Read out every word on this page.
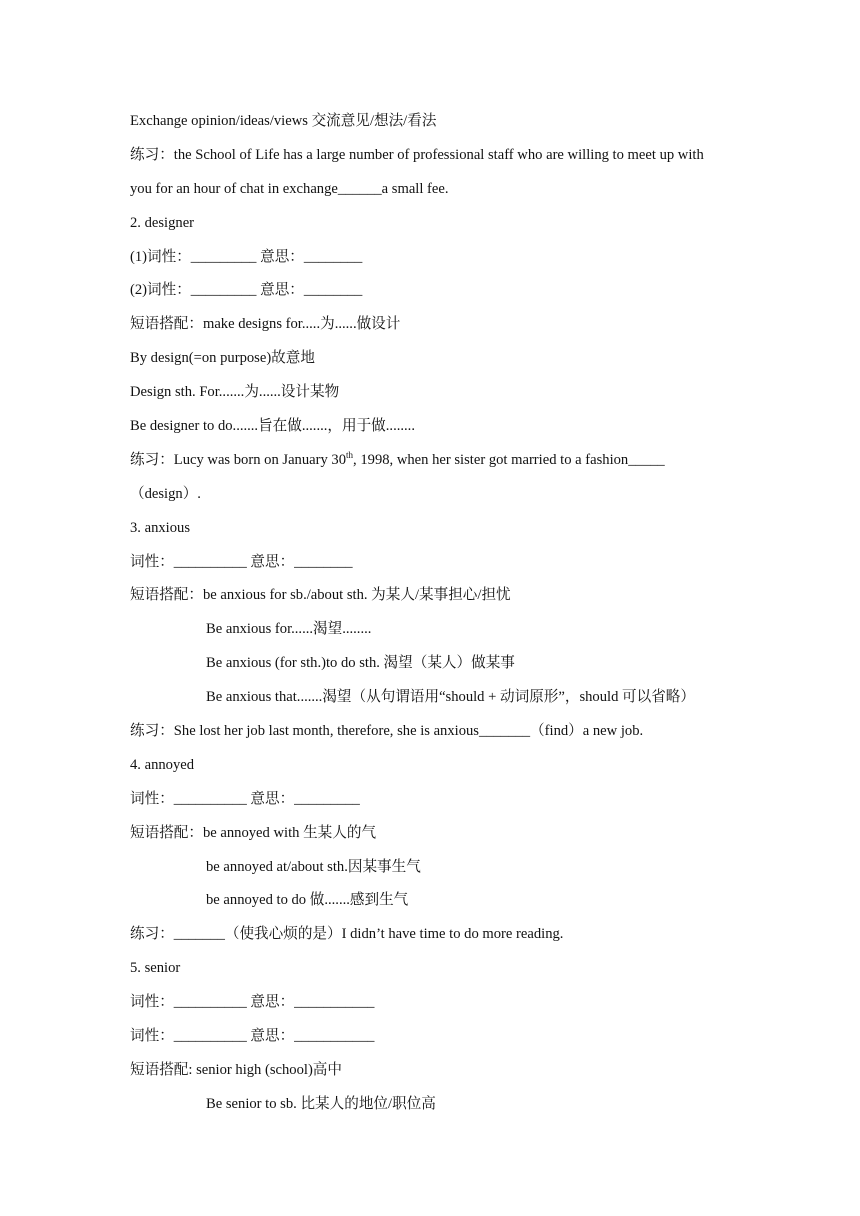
Exchange opinion/ideas/views 交流意见/想法/看法
练习：the School of Life has a large number of professional staff who are willing to meet up with
you for an hour of chat in exchange______a small fee.
2. designer
(1)词性：_________ 意思：________
(2)词性：_________ 意思：________
短语搭配：make designs for.....为......做设计
By design(=on purpose)故意地
Design sth. For.......为......设计某物
Be designer to do.......旨在做.......，用于做........
练习：Lucy was born on January 30th, 1998, when her sister got married to a fashion_____
（design）.
3. anxious
词性：__________ 意思：________
短语搭配：be anxious for sb./about sth. 为某人/某事担心/担忧
Be anxious for......渴望........
Be anxious (for sth.)to do sth. 渴望（某人）做某事
Be anxious that.......渴望（从句谓语用“should + 动词原形”，should 可以省略）
练习：She lost her job last month, therefore, she is anxious_______（find）a new job.
4. annoyed
词性：__________ 意思：_________
短语搭配：be annoyed with 生某人的气
be annoyed at/about sth.因某事生气
be annoyed to do 做.......感到生气
练习：_______（使我心烦的是）I didn’t have time to do more reading.
5. senior
词性：__________ 意思：___________
词性：__________ 意思：___________
短语搭配: senior high (school)高中
Be senior to sb. 比某人的地位/职位高
